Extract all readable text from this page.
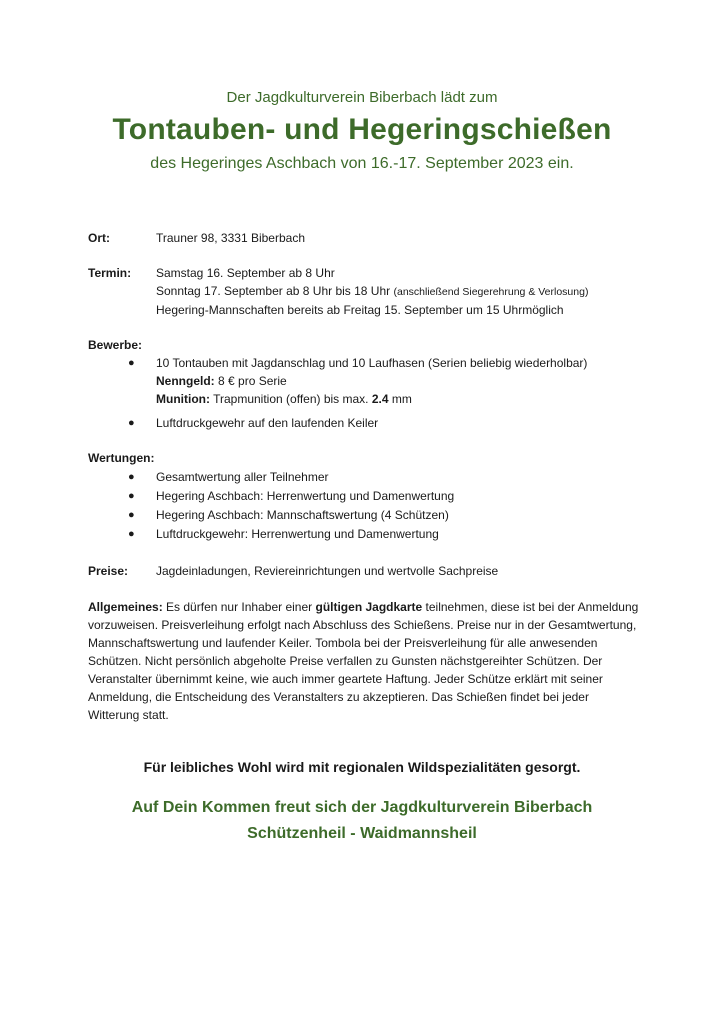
Der Jagdkulturverein Biberbach lädt zum
Tontauben- und Hegeringschießen
des Hegeringes Aschbach von 16.-17. September 2023 ein.
Ort:	Trauner 98, 3331 Biberbach
Termin: Samstag 16. September ab 8 Uhr
Sonntag 17. September ab 8 Uhr bis 18 Uhr (anschließend Siegerehrung & Verlosung)
Hegering-Mannschaften bereits ab Freitag 15. September um 15 Uhrmöglich
Bewerbe:
● 10 Tontauben mit Jagdanschlag und 10 Laufhasen (Serien beliebig wiederholbar)
Nenngeld: 8 € pro Serie
Munition: Trapmunition (offen) bis max. 2.4 mm
● Luftdruckgewehr auf den laufenden Keiler
Wertungen:
● Gesamtwertung aller Teilnehmer
● Hegering Aschbach: Herrenwertung und Damenwertung
● Hegering Aschbach: Mannschaftswertung (4 Schützen)
● Luftdruckgewehr: Herrenwertung und Damenwertung
Preise: Jagdeinladungen, Reviereinrichtungen und wertvolle Sachpreise
Allgemeines: Es dürfen nur Inhaber einer gültigen Jagdkarte teilnehmen, diese ist bei der Anmeldung vorzuweisen. Preisverleihung erfolgt nach Abschluss des Schießens. Preise nur in der Gesamtwertung, Mannschaftswertung und laufender Keiler. Tombola bei der Preisverleihung für alle anwesenden Schützen. Nicht persönlich abgeholte Preise verfallen zu Gunsten nächstgereihter Schützen. Der Veranstalter übernimmt keine, wie auch immer geartete Haftung. Jeder Schütze erklärt mit seiner Anmeldung, die Entscheidung des Veranstalters zu akzeptieren. Das Schießen findet bei jeder Witterung statt.
Für leibliches Wohl wird mit regionalen Wildspezialitäten gesorgt.
Auf Dein Kommen freut sich der Jagdkulturverein Biberbach
Schützenheil - Waidmannsheil
